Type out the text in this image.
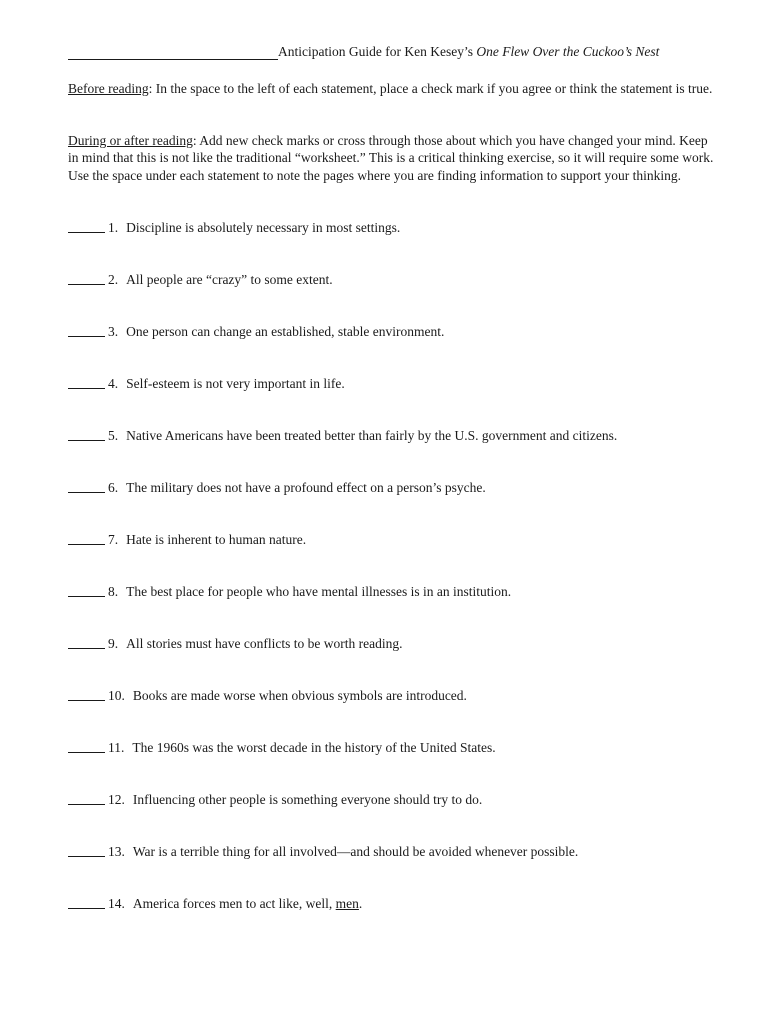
Anticipation Guide for Ken Kesey’s One Flew Over the Cuckoo’s Nest

Before reading: In the space to the left of each statement, place a check mark if you agree or think the statement is true.

During or after reading: Add new check marks or cross through those about which you have changed your mind. Keep in mind that this is not like the traditional “worksheet.” This is a critical thinking exercise, so it will require some work. Use the space under each statement to note the pages where you are finding information to support your thinking.

1. Discipline is absolutely necessary in most settings.
2. All people are “crazy” to some extent.
3. One person can change an established, stable environment.
4. Self-esteem is not very important in life.
5. Native Americans have been treated better than fairly by the U.S. government and citizens.
6. The military does not have a profound effect on a person’s psyche.
7. Hate is inherent to human nature.
8. The best place for people who have mental illnesses is in an institution.
9. All stories must have conflicts to be worth reading.
10. Books are made worse when obvious symbols are introduced.
11. The 1960s was the worst decade in the history of the United States.
12. Influencing other people is something everyone should try to do.
13. War is a terrible thing for all involved—and should be avoided whenever possible.
14. America forces men to act like, well, men .
